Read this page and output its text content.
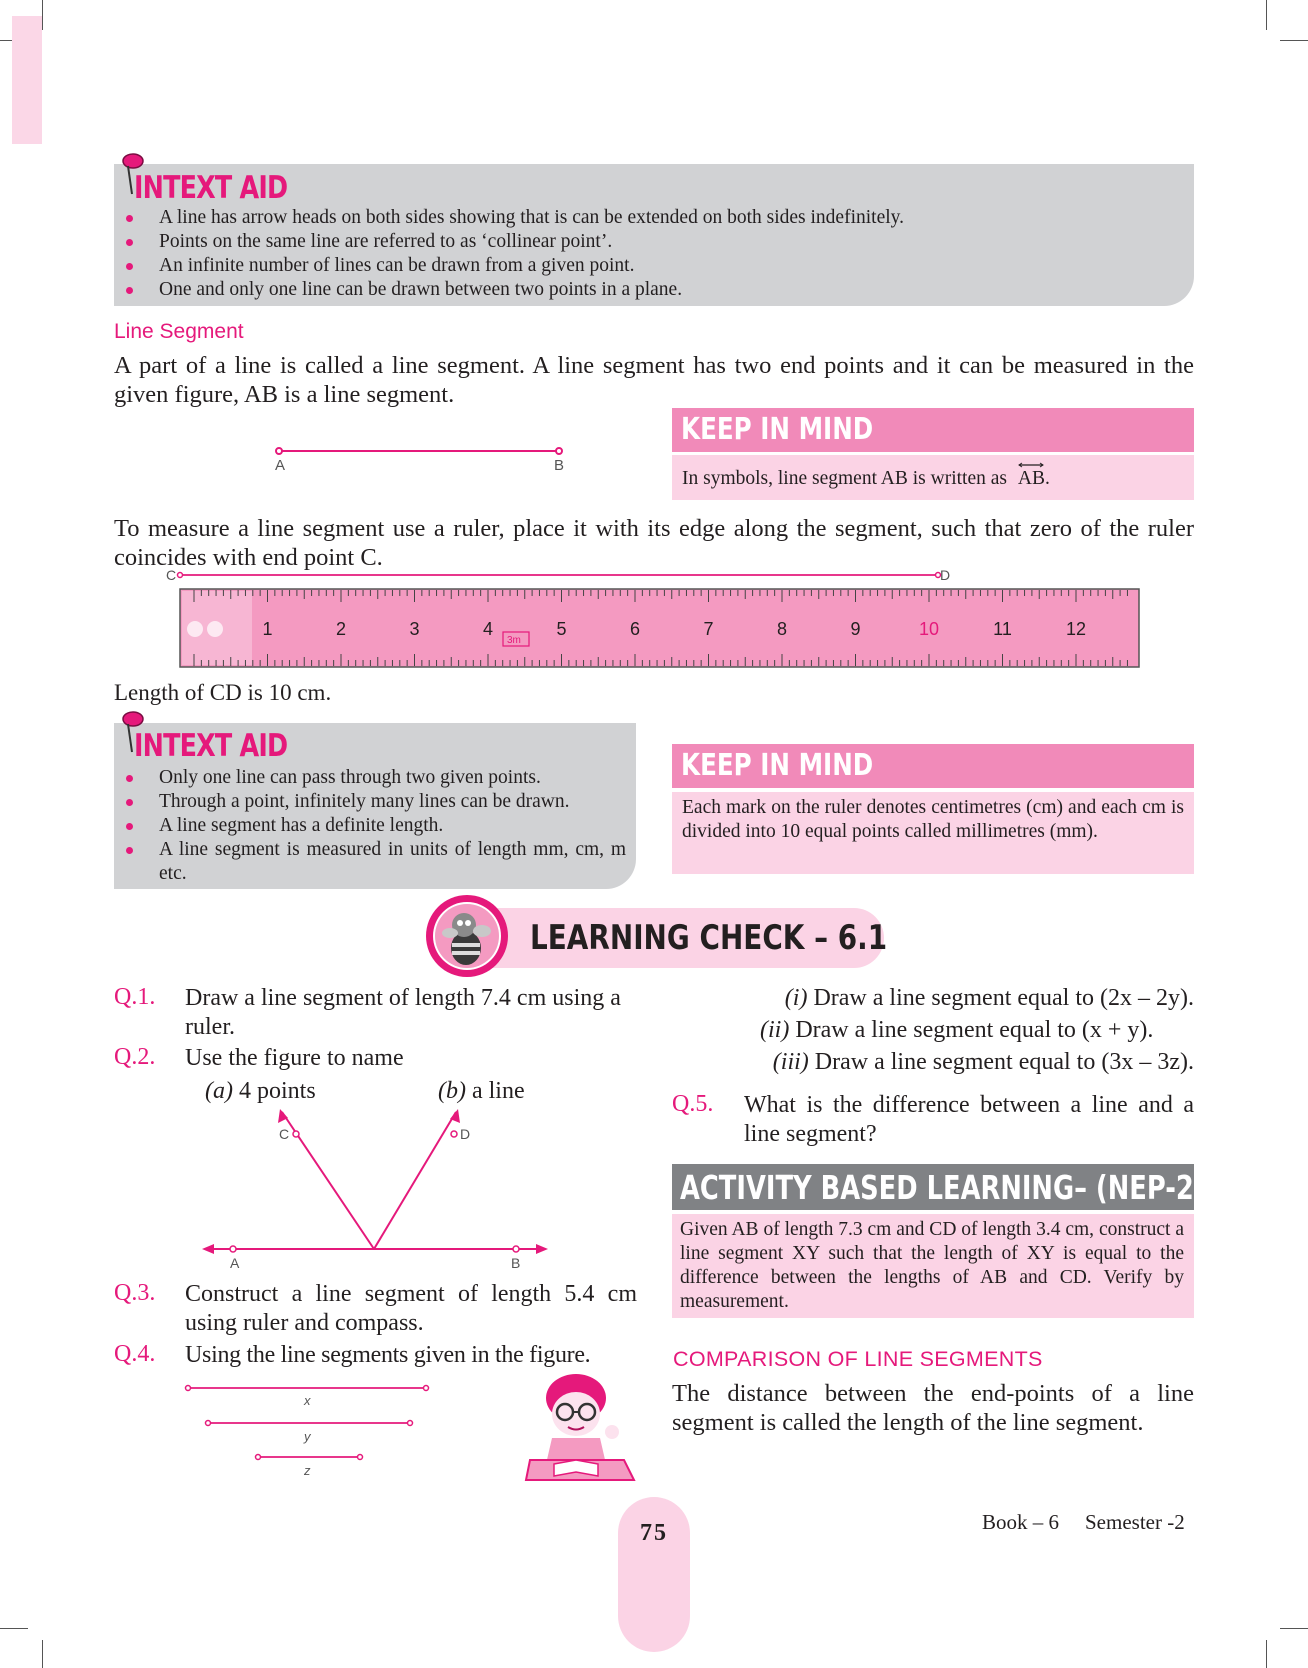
INTEXT AID
A line has arrow heads on both sides showing that is can be extended on both sides indefinitely.
Points on the same line are referred to as ‘collinear point’.
An infinite number of lines can be drawn from a given point.
One and only one line can be drawn between two points in a plane.
Line Segment
A part of a line is called a line segment. A line segment has two end points and it can be measured in the given figure, AB is a line segment.
A	B
KEEP IN MIND
In symbols, line segment AB is written as AB.
To measure a line segment use a ruler, place it with its edge along the segment, such that zero of the ruler coincides with end point C.
C	D
1	2	3	4	5	6	7	8	9	10	11	12
3m
Length of CD is 10 cm.
INTEXT AID
Only one line can pass through two given points.
Through a point, infinitely many lines can be drawn.
A line segment has a definite length.
A line segment is measured in units of length mm, cm, m etc.
KEEP IN MIND
Each mark on the ruler denotes centimetres (cm) and each cm is divided into 10 equal points called millimetres (mm).
LEARNING CHECK – 6.1
Q.1. Draw a line segment of length 7.4 cm using a ruler.
Q.2. Use the figure to name
(a) 4 points	(b) a line
C	D
A	B
Q.3. Construct a line segment of length 5.4 cm using ruler and compass.
Q.4. Using the line segments given in the figure.
x
y
z
(i) Draw a line segment equal to (2x – 2y).
(ii) Draw a line segment equal to (x + y).
(iii) Draw a line segment equal to (3x – 3z).
Q.5. What is the difference between a line and a line segment?
ACTIVITY BASED LEARNING– (NEP-2020)
Given AB of length 7.3 cm and CD of length 3.4 cm, construct a line segment XY such that the length of XY is equal to the difference between the lengths of AB and CD. Verify by measurement.
COMPARISON OF LINE SEGMENTS
The distance between the end-points of a line segment is called the length of the line segment.
75	Book – 6 Semester -2
